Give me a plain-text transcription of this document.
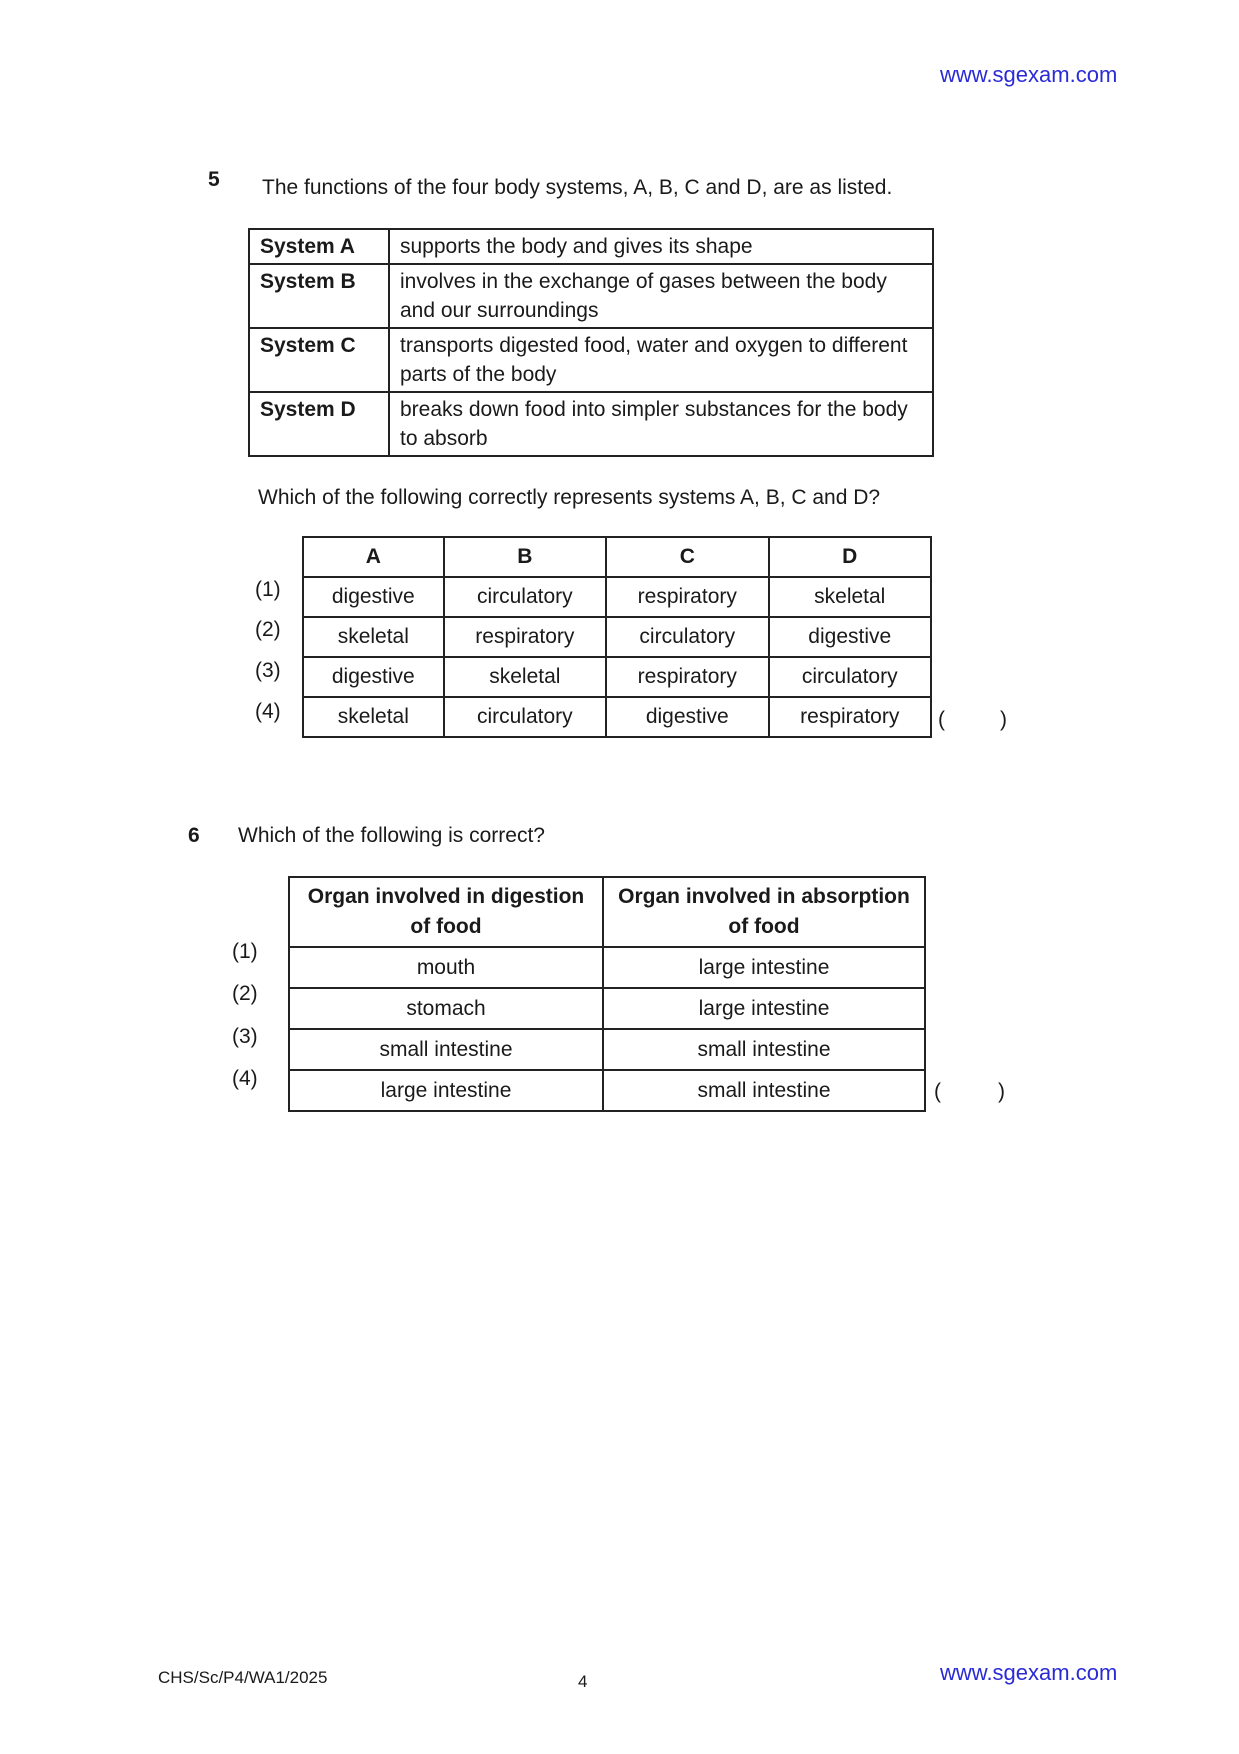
www.sgexam.com
5 The functions of the four body systems, A, B, C and D, are as listed.
System A	supports the body and gives its shape
System B	involves in the exchange of gases between the body and our surroundings
System C	transports digested food, water and oxygen to different parts of the body
System D	breaks down food into simpler substances for the body to absorb
Which of the following correctly represents systems A, B, C and D?
A	B	C	D
digestive	circulatory	respiratory	skeletal
skeletal	respiratory	circulatory	digestive
digestive	skeletal	respiratory	circulatory
skeletal	circulatory	digestive	respiratory
(1)
(2)
(3)
(4)	(	)
6 Which of the following is correct?
Organ involved in digestion of food	Organ involved in absorption of food
mouth	large intestine
stomach	large intestine
small intestine	small intestine
large intestine	small intestine
(1)
(2)
(3)
(4)
(	)
CHS/Sc/P4/WA1/2025	4	www.sgexam.com
